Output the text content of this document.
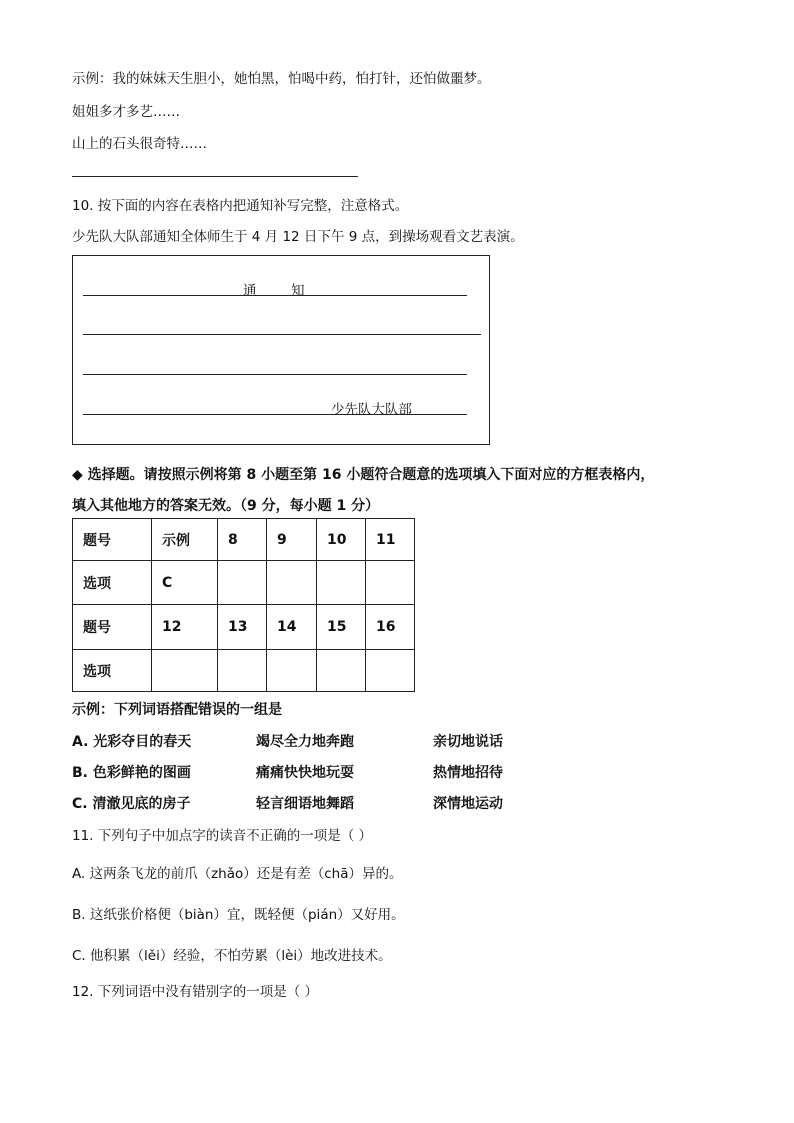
示例：我的妹妹天生胆小，她怕黑，怕喝中药，怕打针，还怕做噩梦。
姐姐多才多艺……
山上的石头很奇特……
10. 按下面的内容在表格内把通知补写完整，注意格式。
少先队大队部通知全体师生于 4 月 12 日下午 9 点，到操场观看文艺表演。
通	知
少先队大队部
◆ 选择题。请按照示例将第 8 小题至第 16 小题符合题意的选项填入下面对应的方框表格内，
填入其他地方的答案无效。（9 分，每小题 1 分）
题号	示例	8	9	10	11
选项	C				
题号	12	13	14	15	16
选项					
示例：下列词语搭配错误的一组是
A. 光彩夺目的春天	竭尽全力地奔跑	亲切地说话
B. 色彩鲜艳的图画	痛痛快快地玩耍	热情地招待
C. 清澈见底的房子	轻言细语地舞蹈	深情地运动
11. 下列句子中加点字的读音不正确的一项是（ ）
A. 这两条飞龙的前爪（zhǎo）还是有差（chā）异的。
B. 这纸张价格便（biàn）宜，既轻便（pián）又好用。
C. 他积累（lěi）经验，不怕劳累（lèi）地改进技术。
12. 下列词语中没有错别字的一项是（ ）
